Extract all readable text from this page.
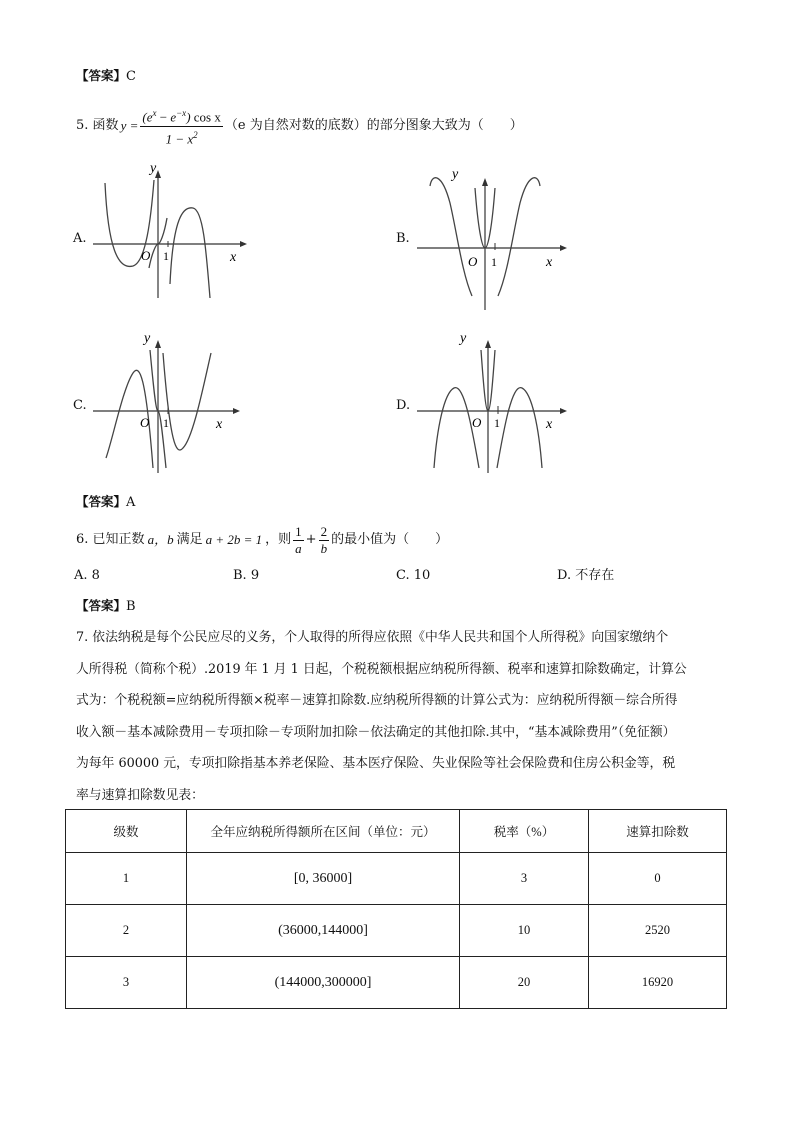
【答案】C
5.
函数 $y = \frac{(e^x - e^{-x}) \cos x}{1 - x^2} (e$ 为自然对数的底数）的部分图象大致为（　　）
A.
y
x
O 1
B.
y
x
O 1
C.
y
x
O 1
D.
y
x
O 1
【答案】A
6.
已知正数 a，b 满足 a + 2b = 1 ，则 $\frac{1}{a} + \frac{2}{b}$ 的最小值为（　　）
A. 8	B. 9	C. 10	D. 不存在
【答案】B
7. 依法纳税是每个公民应尽的义务，个人取得的所得应依照《中华人民共和国个人所得税》向国家缴纳个
人所得税（简称个税）.2019 年 1 月 1 日起，个税税额根据应纳税所得额、税率和速算扣除数确定，计算公
式为：个税税额=应纳税所得额×税率－速算扣除数.应纳税所得额的计算公式为：应纳税所得额－综合所得
收入额－基本减除费用－专项扣除－专项附加扣除－依法确定的其他扣除.其中，“基本减除费用”（免征额）
为每年 60000 元，专项扣除指基本养老保险、基本医疗保险、失业保险等社会保险费和住房公积金等，税
率与速算扣除数见表：
级数	全年应纳税所得额所在区间（单位：元）	税率（%）	速算扣除数
1	[0, 36000]	3	0
2	(36000,144000]	10	2520
3	(144000,300000]	20	16920
